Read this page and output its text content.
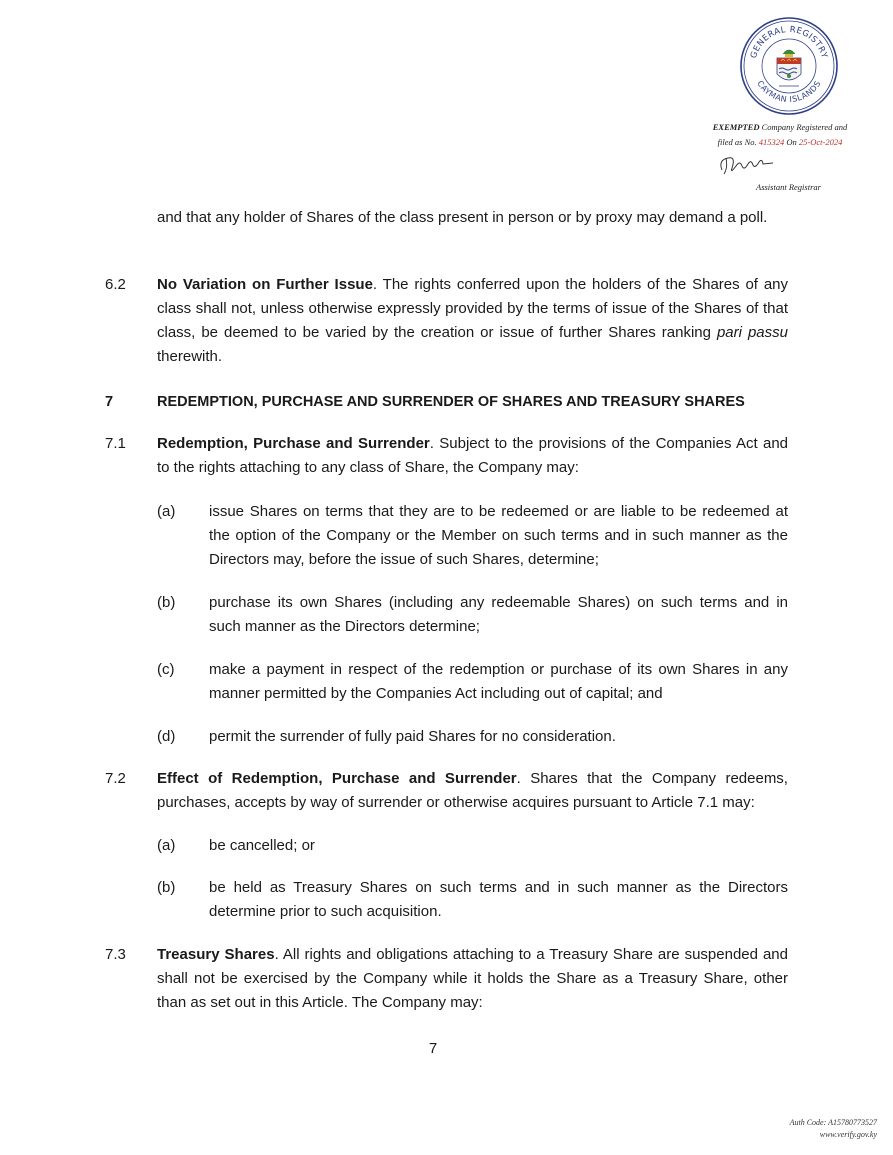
GENERAL REGISTRY
CAYMAN ISLANDS
EXEMPTED Company Registered and
filed as No. 415324 On 25-Oct-2024
Assistant Registrar
and that any holder of Shares of the class present in person or by proxy may demand a poll.
6.2 No Variation on Further Issue. The rights conferred upon the holders of the Shares of any class shall not, unless otherwise expressly provided by the terms of issue of the Shares of that class, be deemed to be varied by the creation or issue of further Shares ranking pari passu therewith.
7	REDEMPTION, PURCHASE AND SURRENDER OF SHARES AND TREASURY SHARES
7.1 Redemption, Purchase and Surrender. Subject to the provisions of the Companies Act and to the rights attaching to any class of Share, the Company may:
(a) issue Shares on terms that they are to be redeemed or are liable to be redeemed at the option of the Company or the Member on such terms and in such manner as the Directors may, before the issue of such Shares, determine;
(b) purchase its own Shares (including any redeemable Shares) on such terms and in such manner as the Directors determine;
(c) make a payment in respect of the redemption or purchase of its own Shares in any manner permitted by the Companies Act including out of capital; and
(d) permit the surrender of fully paid Shares for no consideration.
7.2 Effect of Redemption, Purchase and Surrender. Shares that the Company redeems, purchases, accepts by way of surrender or otherwise acquires pursuant to Article 7.1 may:
(a) be cancelled; or
(b) be held as Treasury Shares on such terms and in such manner as the Directors determine prior to such acquisition.
7.3 Treasury Shares. All rights and obligations attaching to a Treasury Share are suspended and shall not be exercised by the Company while it holds the Share as a Treasury Share, other than as set out in this Article. The Company may:
7
Auth Code: A15780773527
www.verify.gov.ky
